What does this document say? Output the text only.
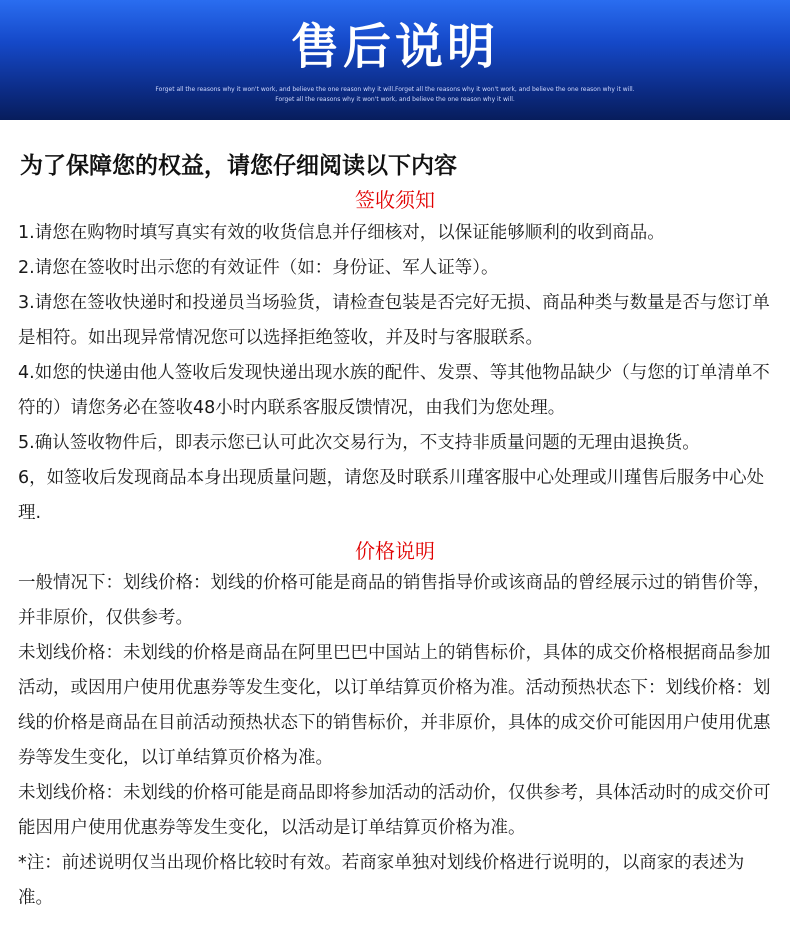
售后说明
Forget all the reasons why it won't work, and believe the one reason why it will.Forget all the reasons why it won't work, and believe the one reason why it will.
Forget all the reasons why it won't work, and believe the one reason why it will.
为了保障您的权益，请您仔细阅读以下内容
签收须知
1.请您在购物时填写真实有效的收货信息并仔细核对，以保证能够顺利的收到商品。
2.请您在签收时出示您的有效证件（如：身份证、军人证等）。
3.请您在签收快递时和投递员当场验货，请检查包装是否完好无损、商品种类与数量是否与您订单是相符。如出现异常情况您可以选择拒绝签收，并及时与客服联系。
4.如您的快递由他人签收后发现快递出现水族的配件、发票、等其他物品缺少（与您的订单清单不符的）请您务必在签收48小时内联系客服反馈情况，由我们为您处理。
5.确认签收物件后，即表示您已认可此次交易行为，不支持非质量问题的无理由退换货。
6，如签收后发现商品本身出现质量问题，请您及时联系川瑾客服中心处理或川瑾售后服务中心处理.
价格说明
一般情况下：划线价格：划线的价格可能是商品的销售指导价或该商品的曾经展示过的销售价等，并非原价，仅供参考。
未划线价格：未划线的价格是商品在阿里巴巴中国站上的销售标价，具体的成交价格根据商品参加活动，或因用户使用优惠券等发生变化，以订单结算页价格为准。活动预热状态下：划线价格：划线的价格是商品在目前活动预热状态下的销售标价，并非原价，具体的成交价可能因用户使用优惠券等发生变化，以订单结算页价格为准。
未划线价格：未划线的价格可能是商品即将参加活动的活动价，仅供参考，具体活动时的成交价可能因用户使用优惠券等发生变化，以活动是订单结算页价格为准。
*注：前述说明仅当出现价格比较时有效。若商家单独对划线价格进行说明的，以商家的表述为准。
